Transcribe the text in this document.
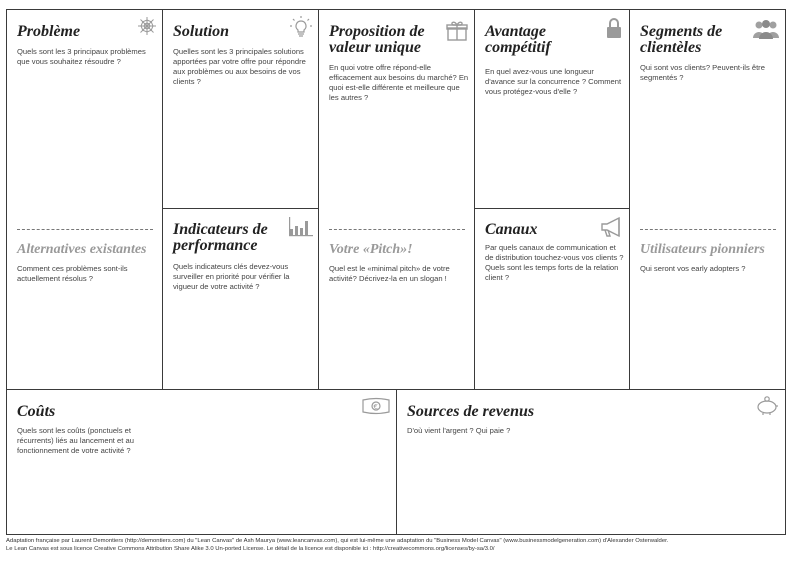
Problème

Quels sont les 3 principaux problèmes que vous souhaitez résoudre ?

Alternatives existantes

Comment ces problèmes sont-ils actuellement résolus ?

Solution

Quelles sont les 3 principales solutions apportées par votre offre pour répondre aux problèmes ou aux besoins de vos clients ?

Indicateurs de

performance

Quels indicateurs clés devez-vous surveiller en priorité pour vérifier la vigueur de votre activité ?

Proposition de

valeur unique

En quoi votre offre répond-elle efficacement aux besoins du marché? En quoi est-elle différente et meilleure que les autres ?

Votre «Pitch»!

Quel est le «minimal pitch» de votre activité? Décrivez-la en un slogan !

Avantage

compétitif

En quel avez-vous une longueur d'avance sur la concurrence ? Comment vous protégez-vous d'elle ?

Canaux

Par quels canaux de communication et de distribution touchez-vous vos clients ? Quels sont les temps forts de la relation client ?

Segments de

clientèles

Qui sont vos clients? Peuvent-ils être segmentés ?

Utilisateurs pionniers

Qui seront vos early adopters ?

Coûts	€

Quels sont les coûts (ponctuels et récurrents) liés au lancement et au fonctionnement de votre activité ?

Sources de revenus

D'où vient l'argent ? Qui paie ?

Adaptation française par Laurent Demontiers (http://demontiers.com) du "Lean Canvas" de Ash Maurya (www.leancanvas.com), qui est lui-même une adaptation du "Business Model Canvas" (www.businessmodelgeneration.com) d'Alexander Osterwalder.
Le Lean Canvas est sous licence Creative Commons Attribution Share Alike 3.0 Un-ported License. Le détail de la licence est disponible ici : http://creativecommons.org/licenses/by-sa/3.0/
